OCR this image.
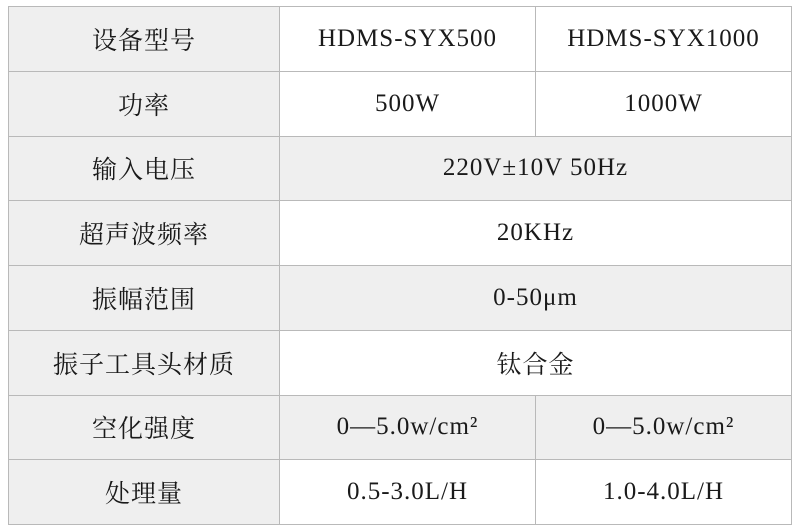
设备型号	HDMS-SYX500	HDMS-SYX1000
功率	500W	1000W
输入电压	220V±10V 50Hz	
超声波频率	20KHz	
振幅范围	0-50μm	
振子工具头材质	钛合金	
空化强度	0—5.0w/cm²	0—5.0w/cm²
处理量	0.5-3.0L/H	1.0-4.0L/H
